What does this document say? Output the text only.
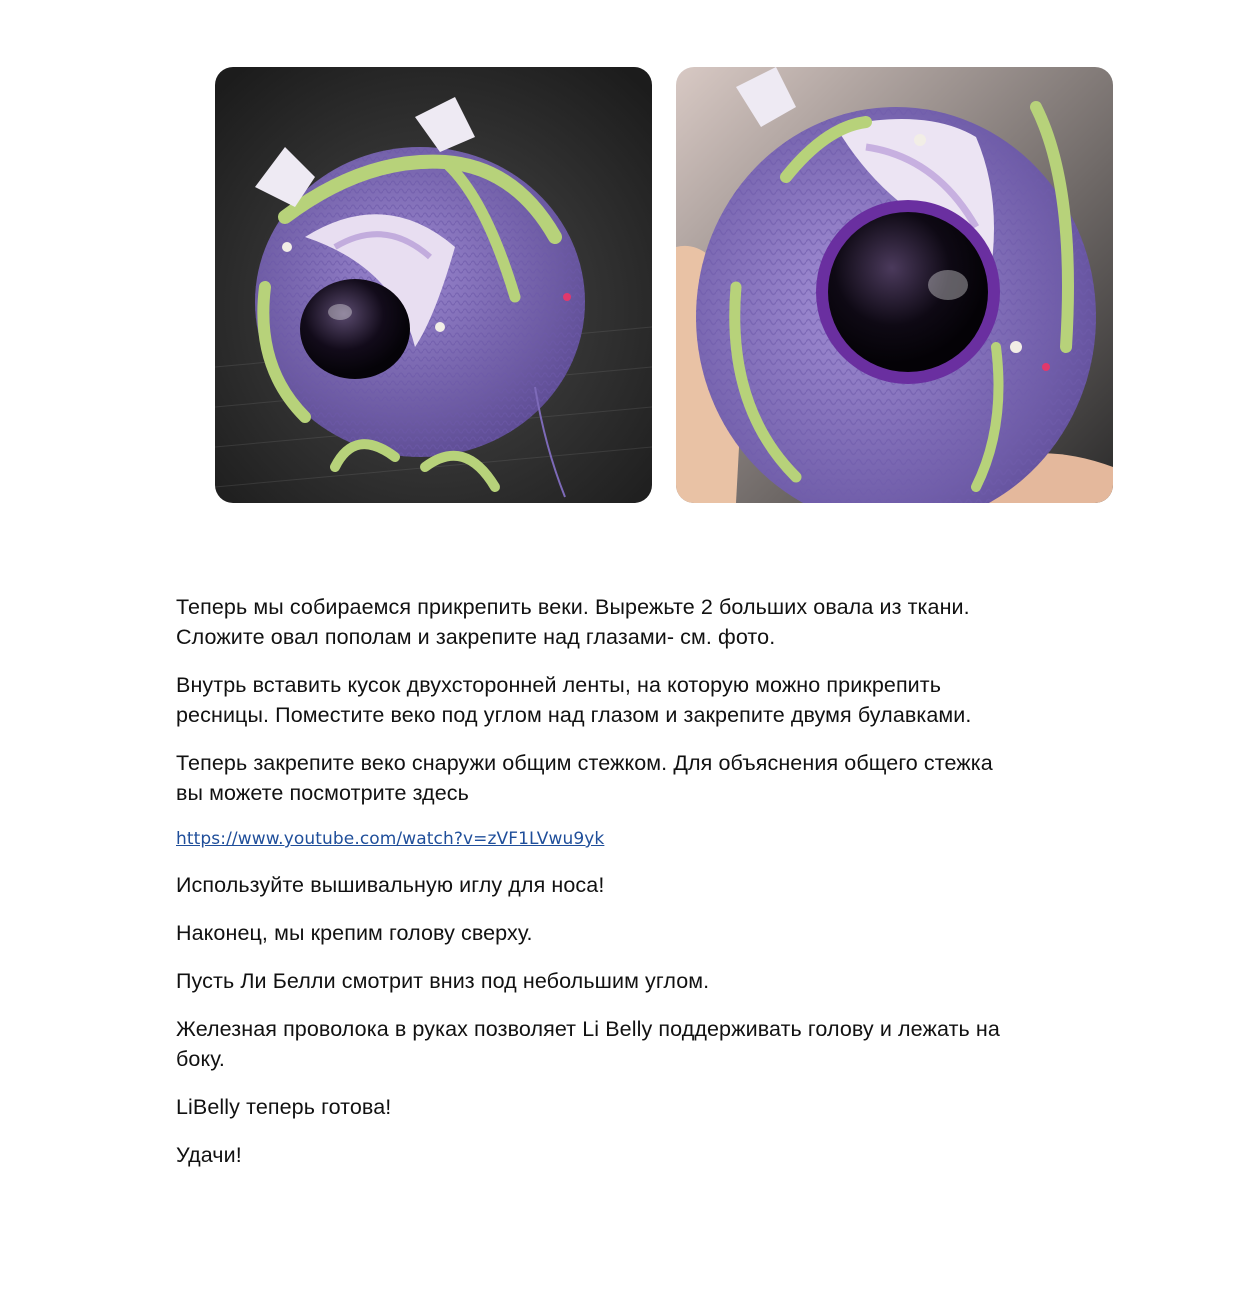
Теперь мы собираемся прикрепить веки. Вырежьте 2 больших овала из ткани.
Сложите овал пополам и закрепите над глазами- см. фото.

Внутрь вставить кусок двухсторонней ленты, на которую можно прикрепить
ресницы. Поместите веко под углом над глазом и закрепите двумя булавками.

Теперь закрепите веко снаружи общим стежком. Для объяснения общего стежка
вы можете посмотрите здесь

https://www.youtube.com/watch?v=zVF1LVwu9yk

Используйте вышивальную иглу для носа!

Наконец, мы крепим голову сверху.

Пусть Ли Белли смотрит вниз под небольшим углом.

Железная проволока в руках позволяет Li Belly поддерживать голову и лежать на
боку.

LiBelly теперь готова!

Удачи!
